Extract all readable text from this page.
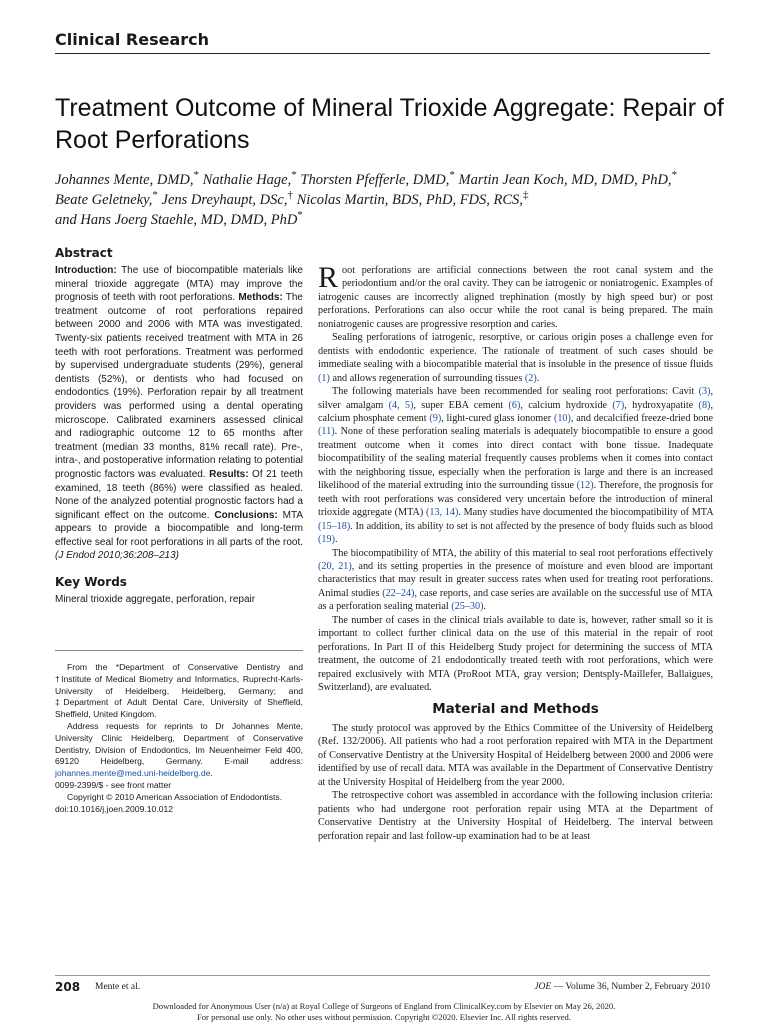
Clinical Research
Treatment Outcome of Mineral Trioxide Aggregate: Repair of Root Perforations
Johannes Mente, DMD,* Nathalie Hage,* Thorsten Pfefferle, DMD,* Martin Jean Koch, MD, DMD, PhD,* Beate Geletneky,* Jens Dreyhaupt, DSc,† Nicolas Martin, BDS, PhD, FDS, RCS,‡
and Hans Joerg Staehle, MD, DMD, PhD*
Abstract

Introduction: The use of biocompatible materials like mineral trioxide aggregate (MTA) may improve the prognosis of teeth with root perforations. Methods: The treatment outcome of root perforations repaired between 2000 and 2006 with MTA was investigated. Twenty-six patients received treatment with MTA in 26 teeth with root perforations. Treatment was performed by supervised undergraduate students (29%), general dentists (52%), or dentists who had focused on endodontics (19%). Perforation repair by all treatment providers was performed using a dental operating microscope. Calibrated examiners assessed clinical and radiographic outcome 12 to 65 months after treatment (median 33 months, 81% recall rate). Pre-, intra-, and postoperative information relating to potential prognostic factors was evaluated. Results: Of 21 teeth examined, 18 teeth (86%) were classified as healed. None of the analyzed potential prognostic factors had a significant effect on the outcome. Conclusions: MTA appears to provide a biocompatible and long-term effective seal for root perforations in all parts of the root. (J Endod 2010;36:208–213)

Key Words

Mineral trioxide aggregate, perforation, repair

From the *Department of Conservative Dentistry and †Institute of Medical Biometry and Informatics, Ruprecht-Karls-University of Heidelberg, Heidelberg, Germany; and ‡Department of Adult Dental Care, University of Sheffield, Sheffield, United Kingdom.

Address requests for reprints to Dr Johannes Mente, University Clinic Heidelberg, Department of Conservative Dentistry, Division of Endodontics, Im Neuenheimer Feld 400, 69120 Heidelberg, Germany. E-mail address: johannes.mente@med.uni-heidelberg.de.

0099-2399/$ - see front matter

Copyright © 2010 American Association of Endodontists.

doi:10.1016/j.joen.2009.10.012

Root perforations are artificial connections between the root canal system and the periodontium and/or the oral cavity. They can be iatrogenic or noniatrogenic. Examples of iatrogenic causes are incorrectly aligned trephination (mostly by high speed bur) or post perforations. Perforations can also occur while the root canal is being prepared. The main noniatrogenic causes are progressive resorption and caries.

Sealing perforations of iatrogenic, resorptive, or carious origin poses a challenge even for dentists with endodontic experience. The rationale of treatment of such cases should be immediate sealing with a biocompatible material that is insoluble in the presence of tissue fluids (1) and allows regeneration of surrounding tissues (2).

The following materials have been recommended for sealing root perforations: Cavit (3), silver amalgam (4, 5), super EBA cement (6), calcium hydroxide (7), hydroxyapatite (8), calcium phosphate cement (9), light-cured glass ionomer (10), and decalcified freeze-dried bone (11). None of these perforation sealing materials is adequately biocompatible to ensure a good treatment outcome when it comes into direct contact with bone tissue. Inadequate biocompatibility of the sealing material frequently causes problems when it comes into contact with the neighboring tissue, especially when the perforation is large and there is an increased likelihood of the material extruding into the surrounding tissue (12). Therefore, the prognosis for teeth with root perforations was considered very uncertain before the introduction of mineral trioxide aggregate (MTA) (13, 14). Many studies have documented the biocompatibility of MTA (15–18). In addition, its ability to set is not affected by the presence of body fluids such as blood (19).

The biocompatibility of MTA, the ability of this material to seal root perforations effectively (20, 21), and its setting properties in the presence of moisture and even blood are important characteristics that may result in greater success rates when used for treating root perforations. Animal studies (22–24), case reports, and case series are available on the successful use of MTA as a perforation sealing material (25–30).

The number of cases in the clinical trials available to date is, however, rather small so it is important to collect further clinical data on the use of this material in the repair of root perforations. In Part II of this Heidelberg Study project for determining the success of MTA treatment, the outcome of 21 endodontically treated teeth with root perforations, which were repaired exclusively with MTA (ProRoot MTA, gray version; Dentsply-Maillefer, Ballaigues, Switzerland), are evaluated.

Material and Methods

The study protocol was approved by the Ethics Committee of the University of Heidelberg (Ref. 132/2006). All patients who had a root perforation repaired with MTA in the Department of Conservative Dentistry at the University Hospital of Heidelberg between 2000 and 2006 were identified by use of recall data. MTA was available in the Department of Conservative Dentistry at the University Hospital of Heidelberg from the year 2000.

The retrospective cohort was assembled in accordance with the following inclusion criteria: patients who had undergone root perforation repair using MTA at the Department of Conservative Dentistry at the University Hospital of Heidelberg. The interval between perforation repair and last follow-up examination had to be at least

208 Mente et al.	JOE — Volume 36, Number 2, February 2010
Downloaded for Anonymous User (n/a) at Royal College of Surgeons of England from ClinicalKey.com by Elsevier on May 26, 2020.
For personal use only. No other uses without permission. Copyright ©2020. Elsevier Inc. All rights reserved.
